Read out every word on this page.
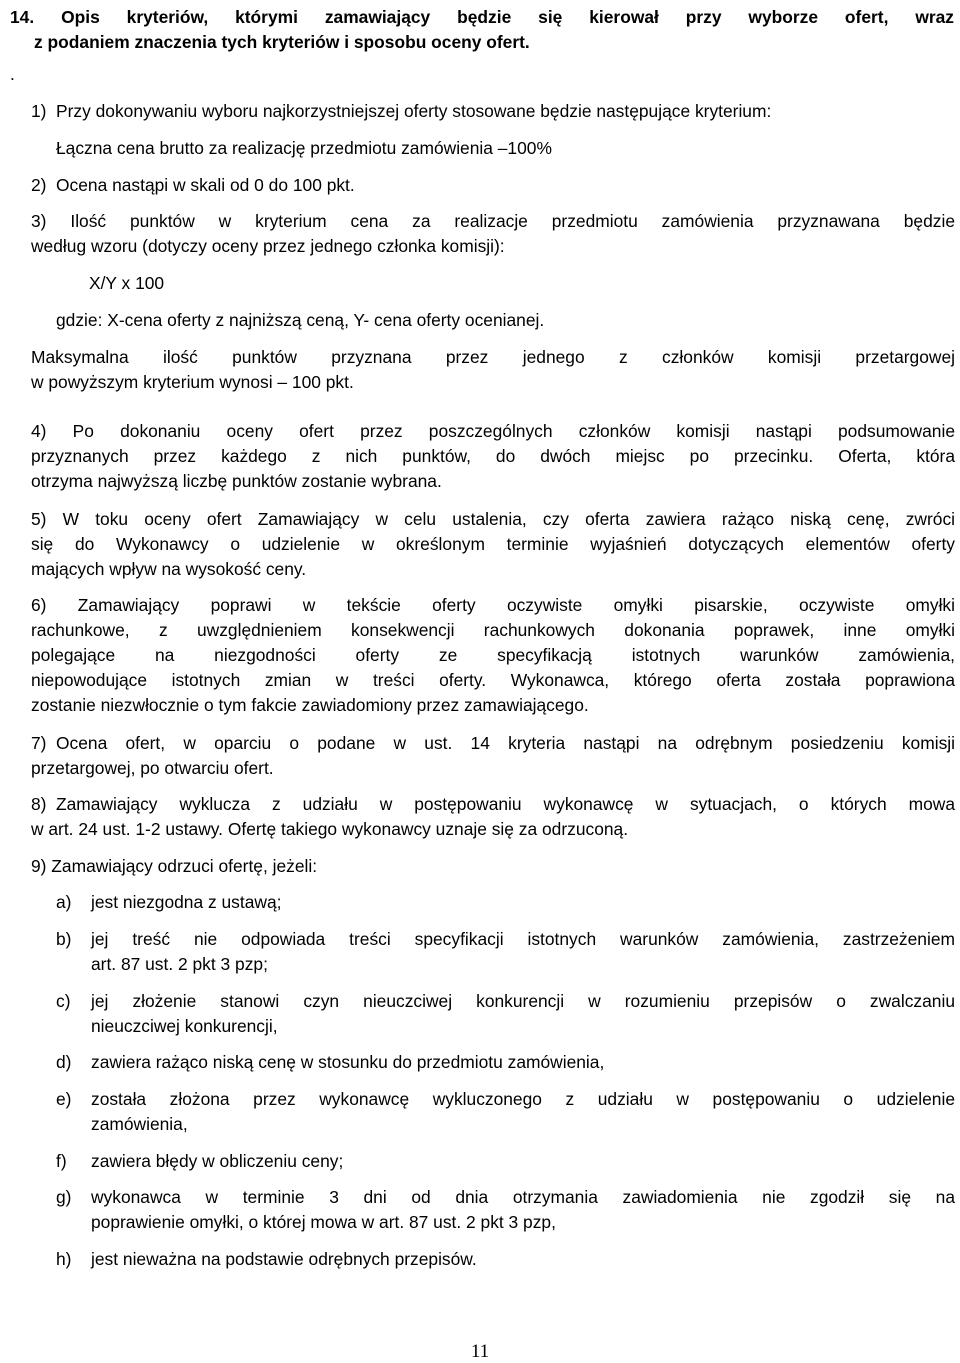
14. Opis kryteriów, którymi zamawiający będzie się kierował przy wyborze ofert, wraz
z podaniem znaczenia tych kryteriów i sposobu oceny ofert.
.
1) Przy dokonywaniu wyboru najkorzystniejszej oferty stosowane będzie następujące kryterium:
Łączna cena brutto za realizację przedmiotu zamówienia –100%
2) Ocena nastąpi w skali od 0 do 100 pkt.
3) Ilość punktów w kryterium cena za realizacje przedmiotu zamówienia przyznawana będzie
według wzoru (dotyczy oceny przez jednego członka komisji):
X/Y x 100
gdzie: X-cena oferty z najniższą ceną, Y- cena oferty ocenianej.
Maksymalna ilość punktów przyznana przez jednego z członków komisji przetargowej
w powyższym kryterium wynosi – 100 pkt.
4) Po dokonaniu oceny ofert przez poszczególnych członków komisji nastąpi podsumowanie
przyznanych przez każdego z nich punktów, do dwóch miejsc po przecinku. Oferta, która
otrzyma najwyższą liczbę punktów zostanie wybrana.
5) W toku oceny ofert Zamawiający w celu ustalenia, czy oferta zawiera rażąco niską cenę, zwróci
się do Wykonawcy o udzielenie w określonym terminie wyjaśnień dotyczących elementów oferty
mających wpływ na wysokość ceny.
6) Zamawiający poprawi w tekście oferty oczywiste omyłki pisarskie, oczywiste omyłki
rachunkowe, z uwzględnieniem konsekwencji rachunkowych dokonania poprawek, inne omyłki
polegające na niezgodności oferty ze specyfikacją istotnych warunków zamówienia,
niepowodujące istotnych zmian w treści oferty. Wykonawca, którego oferta została poprawiona
zostanie niezwłocznie o tym fakcie zawiadomiony przez zamawiającego.
7) Ocena ofert, w oparciu o podane w ust. 14 kryteria nastąpi na odrębnym posiedzeniu komisji
przetargowej, po otwarciu ofert.
8) Zamawiający wyklucza z udziału w postępowaniu wykonawcę w sytuacjach, o których mowa
w art. 24 ust. 1-2 ustawy. Ofertę takiego wykonawcy uznaje się za odrzuconą.
9) Zamawiający odrzuci ofertę, jeżeli:
a) jest niezgodna z ustawą;
b) jej treść nie odpowiada treści specyfikacji istotnych warunków zamówienia, zastrzeżeniem
art. 87 ust. 2 pkt 3 pzp;
c) jej złożenie stanowi czyn nieuczciwej konkurencji w rozumieniu przepisów o zwalczaniu
nieuczciwej konkurencji,
d) zawiera rażąco niską cenę w stosunku do przedmiotu zamówienia,
e) została złożona przez wykonawcę wykluczonego z udziału w postępowaniu o udzielenie
zamówienia,
f) zawiera błędy w obliczeniu ceny;
g) wykonawca w terminie 3 dni od dnia otrzymania zawiadomienia nie zgodził się na
poprawienie omyłki, o której mowa w art. 87 ust. 2 pkt 3 pzp,
h) jest nieważna na podstawie odrębnych przepisów.
11
